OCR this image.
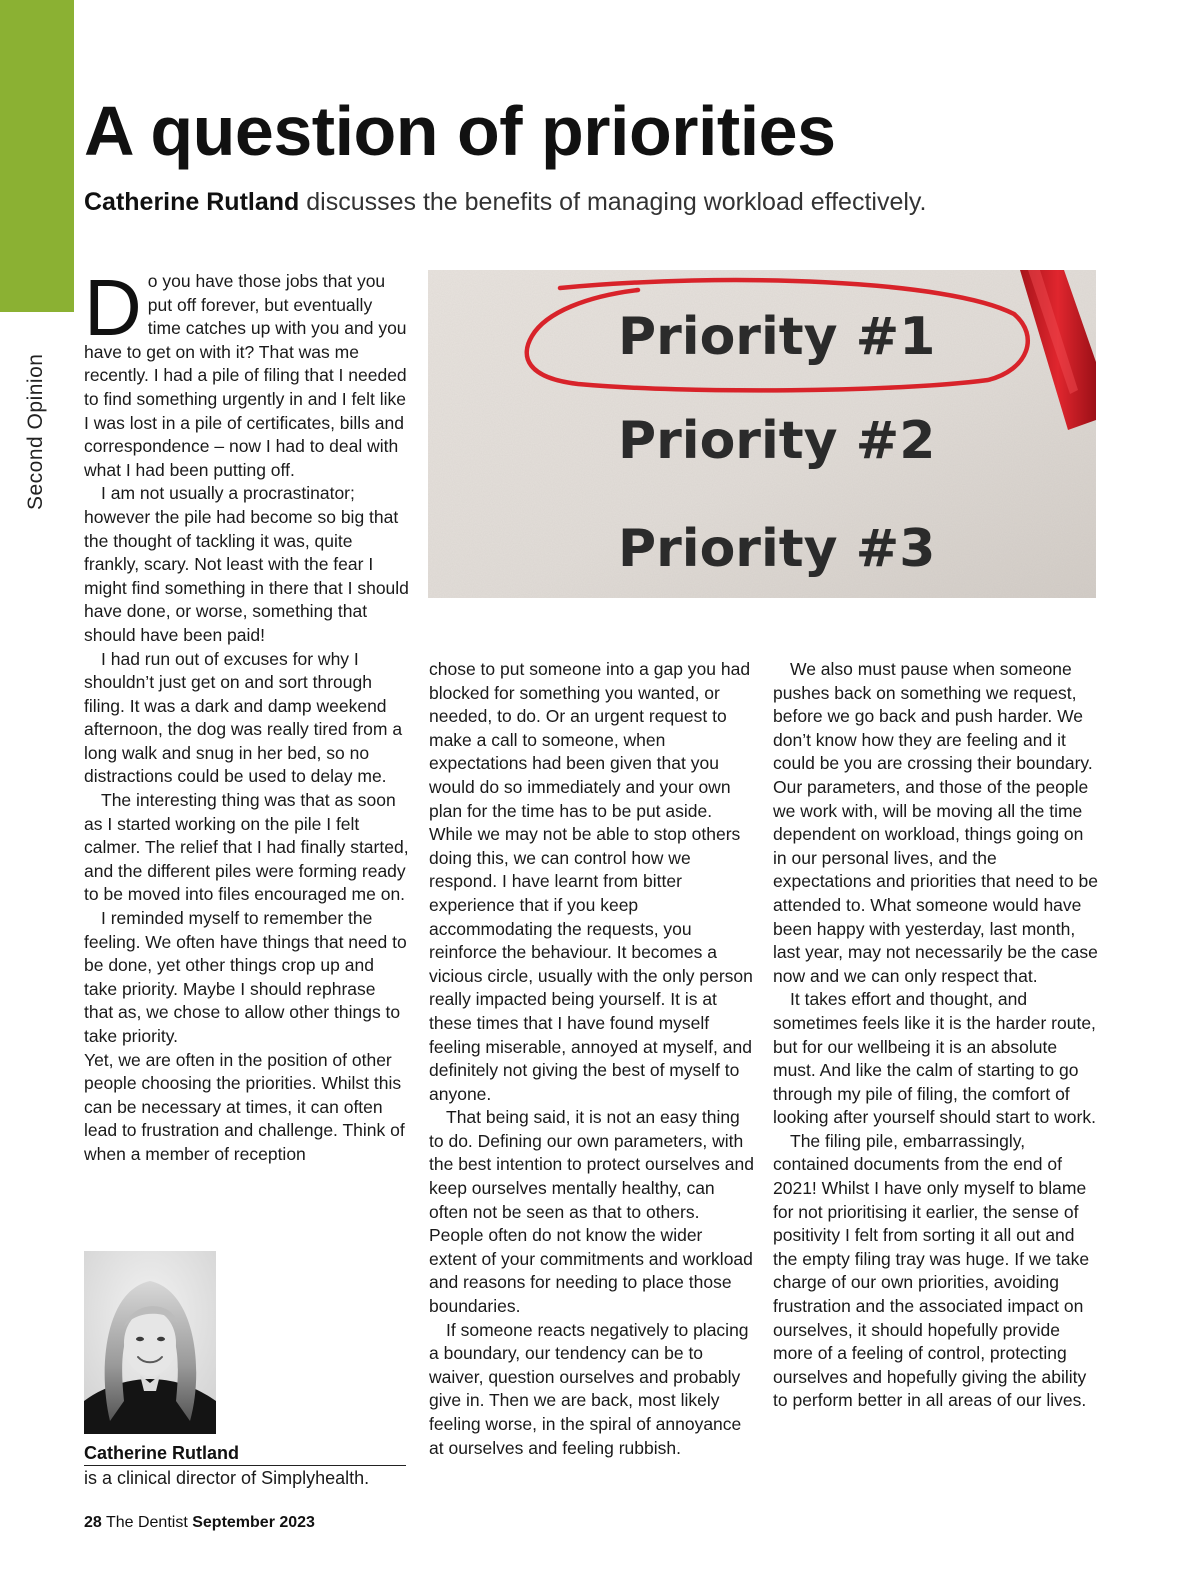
Second Opinion
A question of priorities

Catherine Rutland discusses the benefits of managing workload effectively.

D o you have those jobs that you put off forever, but eventually time catches up with you and you have to get on with it? That was me recently. I had a pile of filing that I needed to find something urgently in and I felt like I was lost in a pile of certificates, bills and correspondence – now I had to deal with what I had been putting off.

I am not usually a procrastinator; however the pile had become so big that the thought of tackling it was, quite frankly, scary. Not least with the fear I might find something in there that I should have done, or worse, something that should have been paid!

I had run out of excuses for why I shouldn’t just get on and sort through filing. It was a dark and damp weekend afternoon, the dog was really tired from a long walk and snug in her bed, so no distractions could be used to delay me.

The interesting thing was that as soon as I started working on the pile I felt calmer. The relief that I had finally started, and the different piles were forming ready to be moved into files encouraged me on.

I reminded myself to remember the feeling. We often have things that need to be done, yet other things crop up and take priority. Maybe I should rephrase that as, we chose to allow other things to take priority.

Yet, we are often in the position of other people choosing the priorities. Whilst this can be necessary at times, it can often lead to frustration and challenge. Think of when a member of reception

Priority #1
Priority #2
Priority #3

chose to put someone into a gap you had blocked for something you wanted, or needed, to do. Or an urgent request to make a call to someone, when expectations had been given that you would do so immediately and your own plan for the time has to be put aside. While we may not be able to stop others doing this, we can control how we respond. I have learnt from bitter experience that if you keep accommodating the requests, you reinforce the behaviour. It becomes a vicious circle, usually with the only person really impacted being yourself. It is at these times that I have found myself feeling miserable, annoyed at myself, and definitely not giving the best of myself to anyone.

That being said, it is not an easy thing to do. Defining our own parameters, with the best intention to protect ourselves and keep ourselves mentally healthy, can often not be seen as that to others. People often do not know the wider extent of your commitments and workload and reasons for needing to place those boundaries.

If someone reacts negatively to placing a boundary, our tendency can be to waiver, question ourselves and probably give in. Then we are back, most likely feeling worse, in the spiral of annoyance at ourselves and feeling rubbish.

We also must pause when someone pushes back on something we request, before we go back and push harder. We don’t know how they are feeling and it could be you are crossing their boundary. Our parameters, and those of the people we work with, will be moving all the time dependent on workload, things going on in our personal lives, and the expectations and priorities that need to be attended to. What someone would have been happy with yesterday, last month, last year, may not necessarily be the case now and we can only respect that.

It takes effort and thought, and sometimes feels like it is the harder route, but for our wellbeing it is an absolute must. And like the calm of starting to go through my pile of filing, the comfort of looking after yourself should start to work.

The filing pile, embarrassingly, contained documents from the end of 2021! Whilst I have only myself to blame for not prioritising it earlier, the sense of positivity I felt from sorting it all out and the empty filing tray was huge. If we take charge of our own priorities, avoiding frustration and the associated impact on ourselves, it should hopefully provide more of a feeling of control, protecting ourselves and hopefully giving the ability to perform better in all areas of our lives.

Catherine Rutland

is a clinical director of Simplyhealth.

28 The Dentist September 2023
